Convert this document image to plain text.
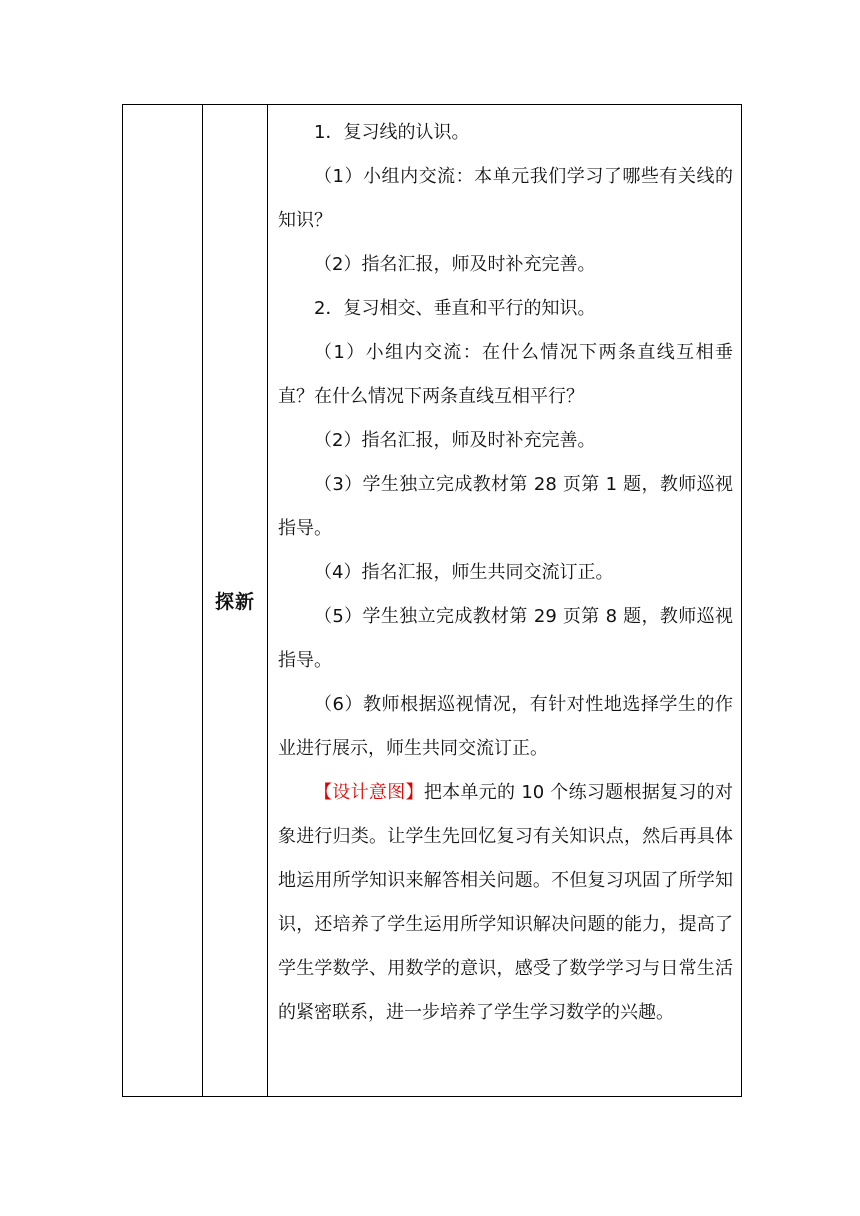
	探新	

1．复习线的认识。

（1）小组内交流：本单元我们学习了哪些有关线的知识？

（2）指名汇报，师及时补充完善。

2．复习相交、垂直和平行的知识。

（1）小组内交流：在什么情况下两条直线互相垂直？在什么情况下两条直线互相平行？

（2）指名汇报，师及时补充完善。

（3）学生独立完成教材第 28 页第 1 题，教师巡视指导。

（4）指名汇报，师生共同交流订正。

（5）学生独立完成教材第 29 页第 8 题，教师巡视指导。

（6）教师根据巡视情况，有针对性地选择学生的作业进行展示，师生共同交流订正。

【设计意图】把本单元的 10 个练习题根据复习的对象进行归类。让学生先回忆复习有关知识点，然后再具体地运用所学知识来解答相关问题。不但复习巩固了所学知识，还培养了学生运用所学知识解决问题的能力，提高了学生学数学、用数学的意识，感受了数学学习与日常生活的紧密联系，进一步培养了学生学习数学的兴趣。
